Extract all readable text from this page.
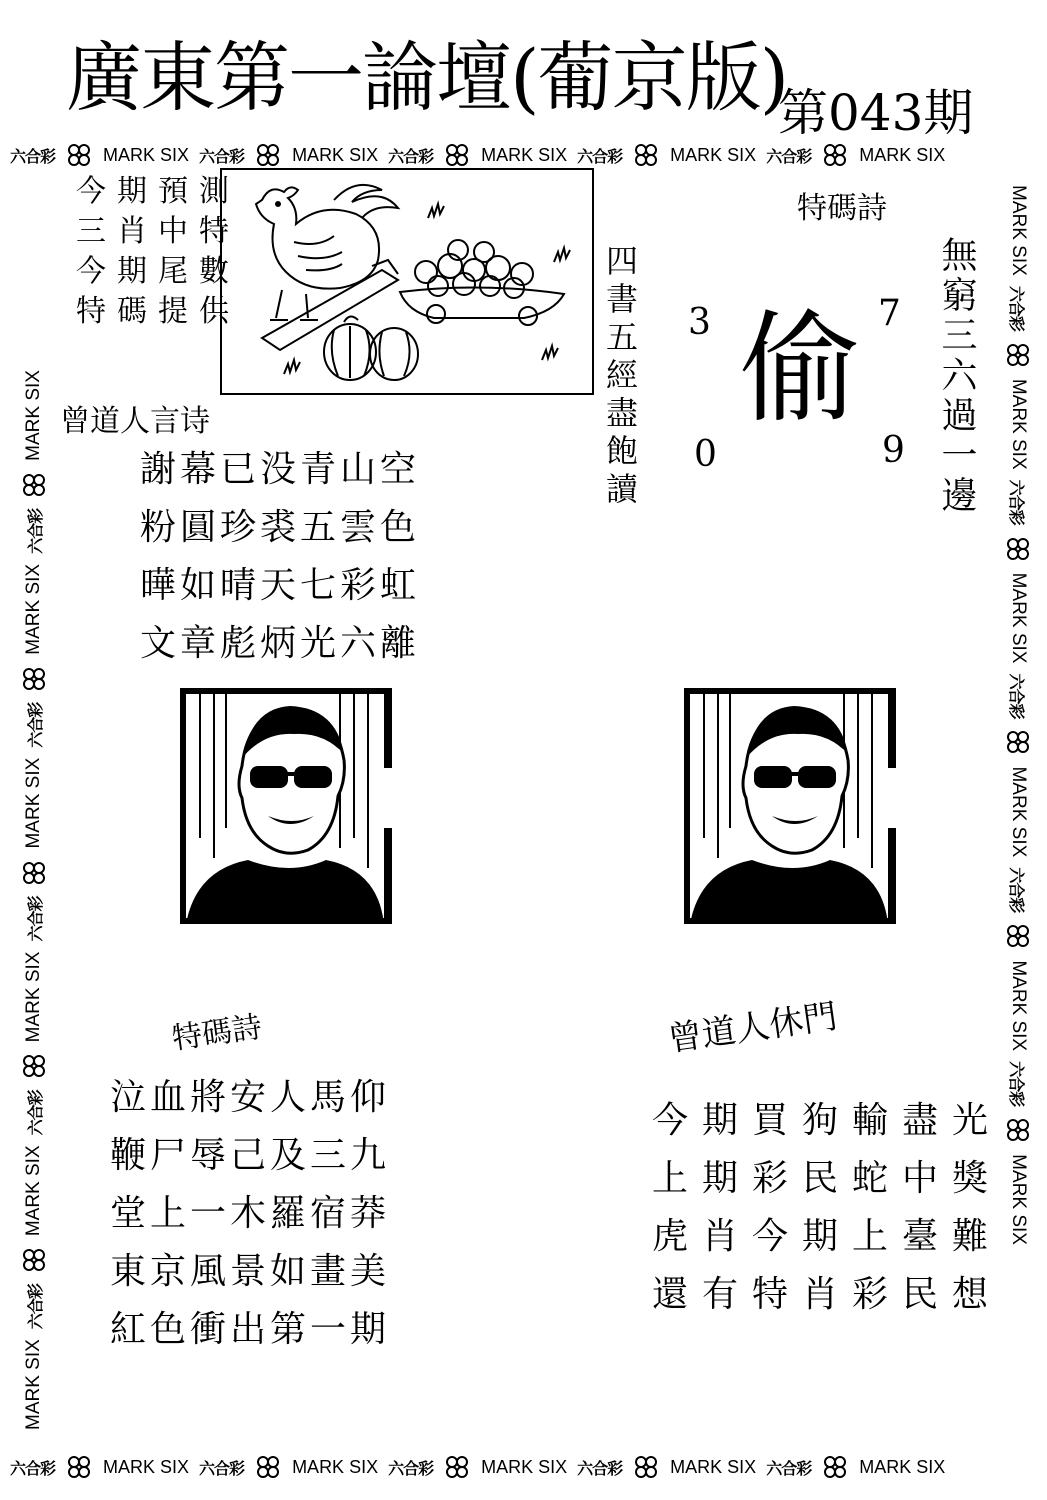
廣東第一論壇(葡京版)
第043期
六合彩	MARK SIX 六合彩	MARK SIX 六合彩	MARK SIX 六合彩	MARK SIX 六合彩	MARK SIX
六合彩	MARK SIX 六合彩	MARK SIX 六合彩	MARK SIX 六合彩	MARK SIX 六合彩	MARK SIX
MARK SIX
六合彩
MARK SIX
六合彩
MARK SIX
六合彩
MARK SIX
六合彩
MARK SIX
六合彩
MARK SIX
MARK SIX
六合彩
MARK SIX
六合彩
MARK SIX
六合彩
MARK SIX
六合彩
MARK SIX
六合彩
MARK SIX
今期預測
三肖中特
今期尾數
特碼提供	四書五經盡飽讀
特碼詩
無窮三六過一邊
3	7
偷
0	9
曾道人言诗
謝幕已没青山空
粉圓珍裘五雲色
曄如晴天七彩虹
文章彪炳光六離
特碼詩
泣血將安人馬仰
鞭尸辱己及三九
堂上一木羅宿莽
東京風景如畫美
紅色衝出第一期
曾道人休門
今期買狗輸盡光
上期彩民蛇中獎
虎肖今期上臺難
還有特肖彩民想
